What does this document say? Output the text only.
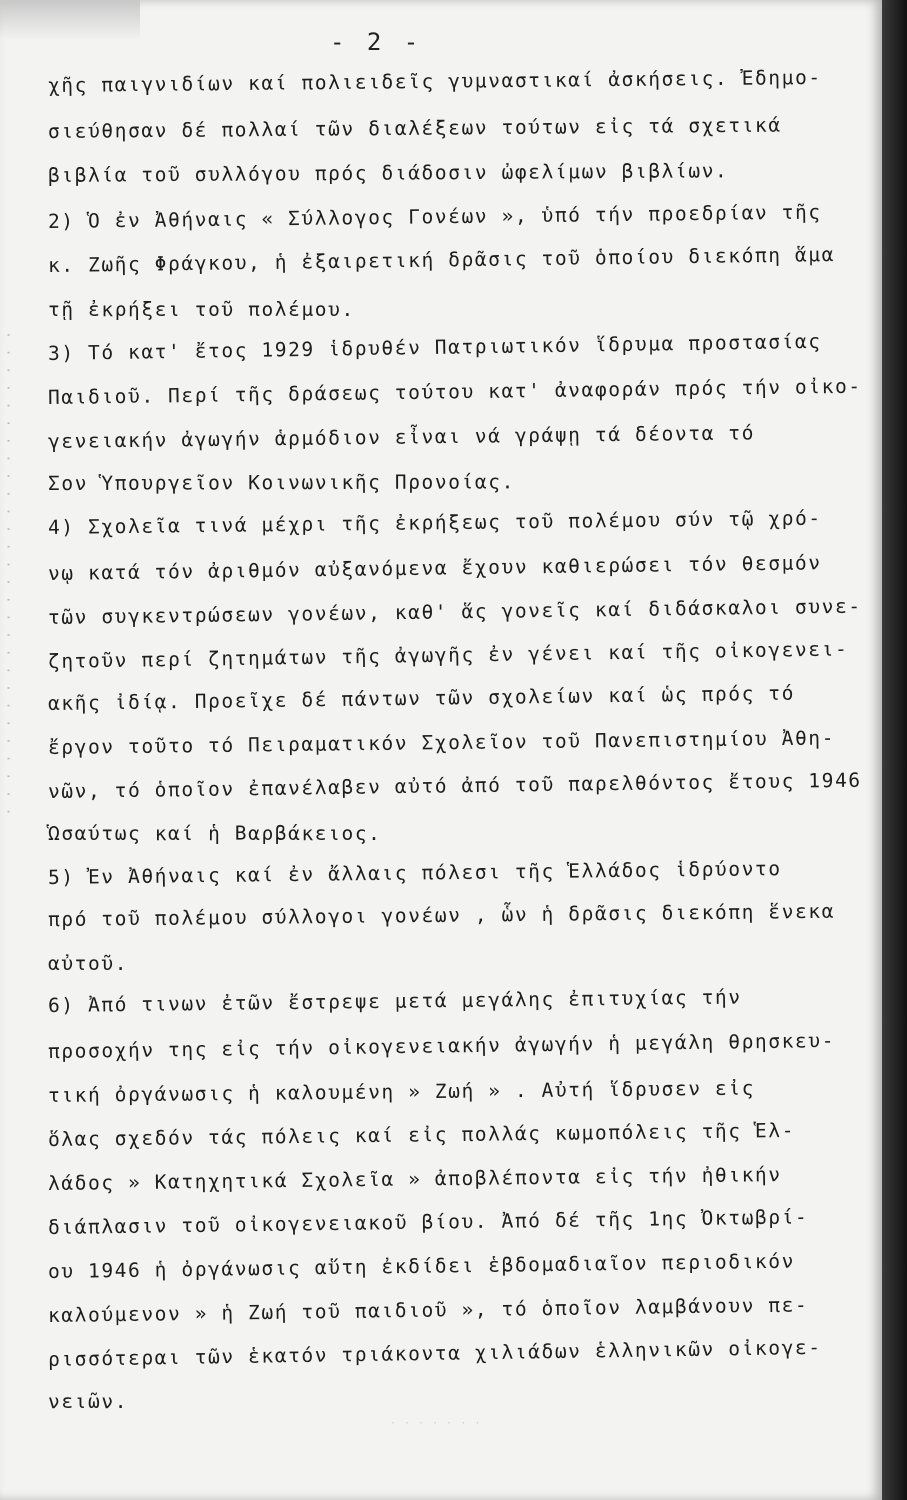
· · · · · · · · · · · · · · · · · · · · · · · · · · · ·
- 2 -
χῆς παιγνιδίων καί πολιειδεῖς γυμναστικαί ἀσκήσεις. Ἐδημο-
σιεύθησαν δέ πολλαί τῶν διαλέξεων τούτων εἰς τά σχετικά
βιβλία τοῦ συλλόγου πρός διάδοσιν ὠφελίμων βιβλίων.
2) Ὁ ἐν Ἀθήναις « Σύλλογος Γονέων », ὑπό τήν προεδρίαν τῆς
κ. Ζωῆς Φράγκου, ἡ ἐξαιρετική δρᾶσις τοῦ ὁποίου διεκόπη ἅμα
τῇ ἐκρήξει τοῦ πολέμου.
3) Τό κατ' ἔτος 1929 ἱδρυθέν Πατριωτικόν ἵδρυμα προστασίας
Παιδιοῦ. Περί τῆς δράσεως τούτου κατ' ἀναφοράν πρός τήν οἰκο-
γενειακήν ἀγωγήν ἁρμόδιον εἶναι νά γράψῃ τά δέοντα τό
Σον Ὑπουργεῖον Κοινωνικῆς Προνοίας.
4) Σχολεῖα τινά μέχρι τῆς ἐκρήξεως τοῦ πολέμου σύν τῷ χρό-
νῳ κατά τόν ἀριθμόν αὐξανόμενα ἔχουν καθιερώσει τόν θεσμόν
τῶν συγκεντρώσεων γονέων, καθ' ἅς γονεῖς καί διδάσκαλοι συνε-
ζητοῦν περί ζητημάτων τῆς ἀγωγῆς ἐν γένει καί τῆς οἰκογενει-
ακῆς ἰδίᾳ. Προεῖχε δέ πάντων τῶν σχολείων καί ὡς πρός τό
ἔργον τοῦτο τό Πειραματικόν Σχολεῖον τοῦ Πανεπιστημίου Ἀθη-
νῶν, τό ὁποῖον ἐπανέλαβεν αὐτό ἀπό τοῦ παρελθόντος ἔτους 1946
Ὡσαύτως καί ἡ Βαρβάκειος.
5) Ἐν Ἀθήναις καί ἐν ἄλλαις πόλεσι τῆς Ἑλλάδος ἱδρύοντο
πρό τοῦ πολέμου σύλλογοι γονέων , ὧν ἡ δρᾶσις διεκόπη ἕνεκα
αὐτοῦ.
6) Ἀπό τινων ἐτῶν ἔστρεψε μετά μεγάλης ἐπιτυχίας τήν
προσοχήν της εἰς τήν οἰκογενειακήν ἀγωγήν ἡ μεγάλη θρησκευ-
τική ὀργάνωσις ἡ καλουμένη » Ζωή » . Αὐτή ἵδρυσεν εἰς
ὅλας σχεδόν τάς πόλεις καί εἰς πολλάς κωμοπόλεις τῆς Ἑλ-
λάδος » Κατηχητικά Σχολεῖα » ἀποβλέποντα εἰς τήν ἠθικήν
διάπλασιν τοῦ οἰκογενειακοῦ βίου. Ἀπό δέ τῆς 1ης Ὀκτωβρί-
ου 1946 ἡ ὀργάνωσις αὕτη ἐκδίδει ἑβδομαδιαῖον περιοδικόν
καλούμενον » ἡ Ζωή τοῦ παιδιοῦ », τό ὁποῖον λαμβάνουν πε-
ρισσότεραι τῶν ἑκατόν τριάκοντα χιλιάδων ἑλληνικῶν οἰκογε-
νειῶν.
· · · · · · ·
